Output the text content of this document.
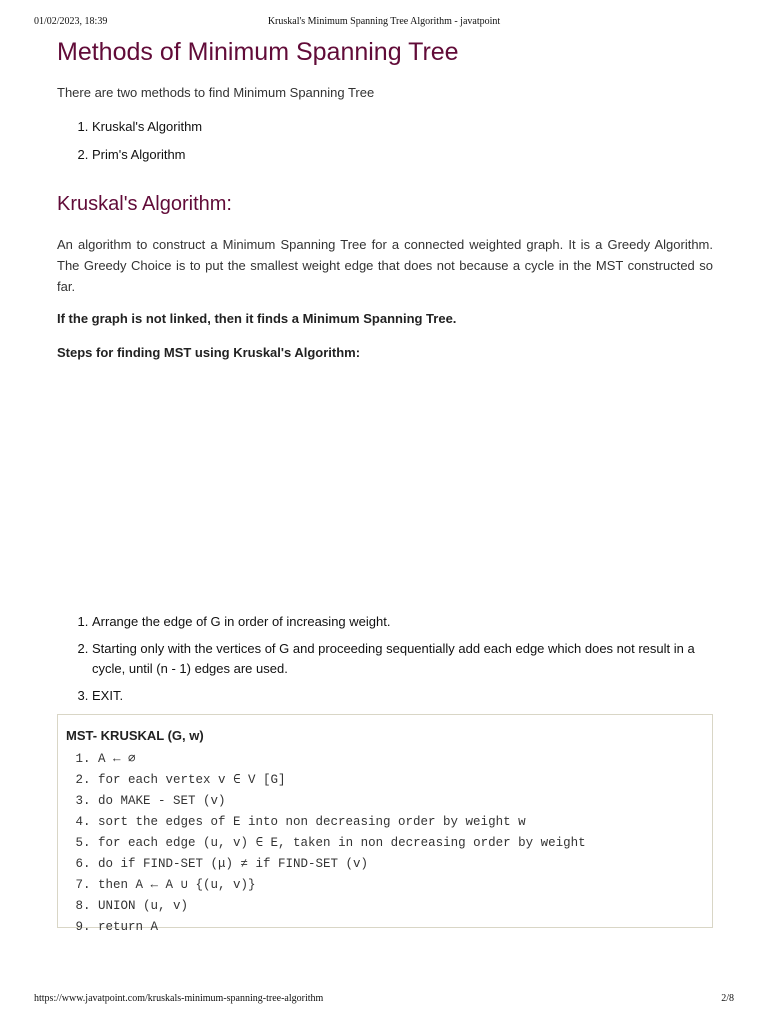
01/02/2023, 18:39	Kruskal's Minimum Spanning Tree Algorithm - javatpoint
Methods of Minimum Spanning Tree

There are two methods to find Minimum Spanning Tree

1. Kruskal's Algorithm
2. Prim's Algorithm
Kruskal's Algorithm:

An algorithm to construct a Minimum Spanning Tree for a connected weighted graph. It is a Greedy Algorithm. The Greedy Choice is to put the smallest weight edge that does not because a cycle in the MST constructed so far.

If the graph is not linked, then it finds a Minimum Spanning Tree.

Steps for finding MST using Kruskal's Algorithm:

1. Arrange the edge of G in order of increasing weight.
2. Starting only with the vertices of G and proceeding sequentially add each edge which does not result in a cycle, until (n - 1) edges are used.
3. EXIT.
MST- KRUSKAL (G, w)
1. A ← ∅
2. for each vertex v ∈ V [G]
3. do MAKE - SET (v)
4. sort the edges of E into non decreasing order by weight w
5. for each edge (u, v) ∈ E, taken in non decreasing order by weight
6. do if FIND-SET (μ) ≠ if FIND-SET (v)
7. then A ← A ∪ {(u, v)}
8. UNION (u, v)
9. return A
https://www.javatpoint.com/kruskals-minimum-spanning-tree-algorithm	2/8
